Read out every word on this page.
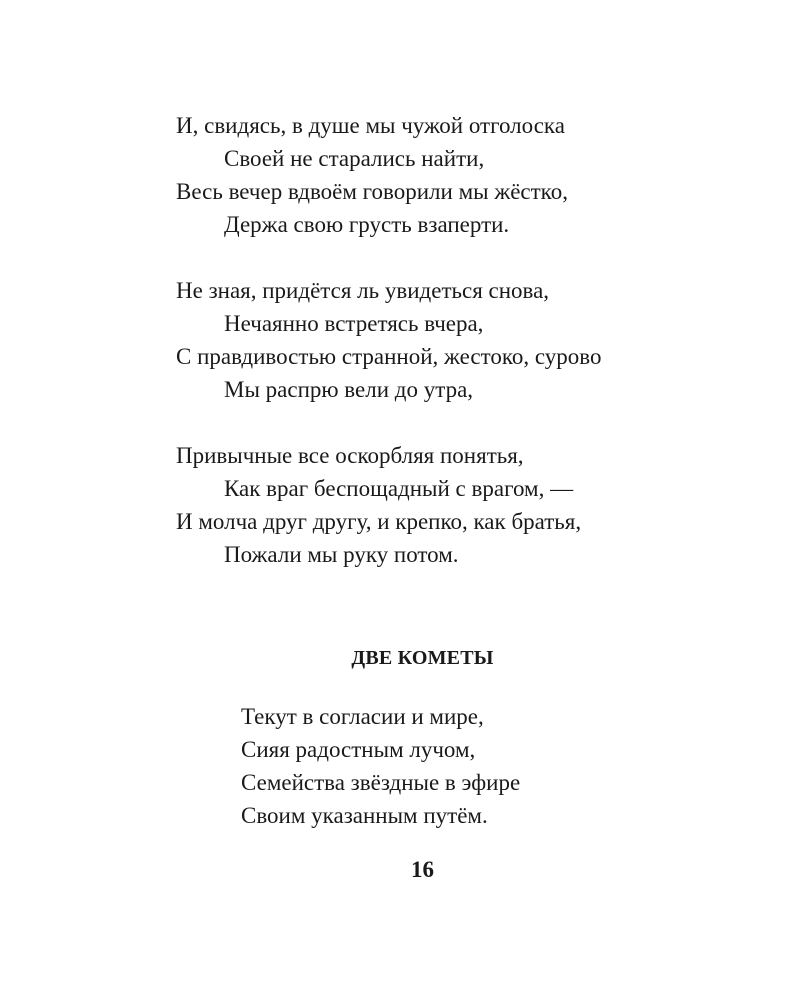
И, свидясь, в душе мы чужой отголоска
Своей не старались найти,
Весь вечер вдвоём говорили мы жёстко,
Держа свою грусть взаперти.
Не зная, придётся ль увидеться снова,
Нечаянно встретясь вчера,
С правдивостью странной, жестоко, сурово
Мы распрю вели до утра,
Привычные все оскорбляя понятья,
Как враг беспощадный с врагом, —
И молча друг другу, и крепко, как братья,
Пожали мы руку потом.
ДВЕ КОМЕТЫ
Текут в согласии и мире,
Сияя радостным лучом,
Семейства звёздные в эфире
Своим указанным путём.
16
